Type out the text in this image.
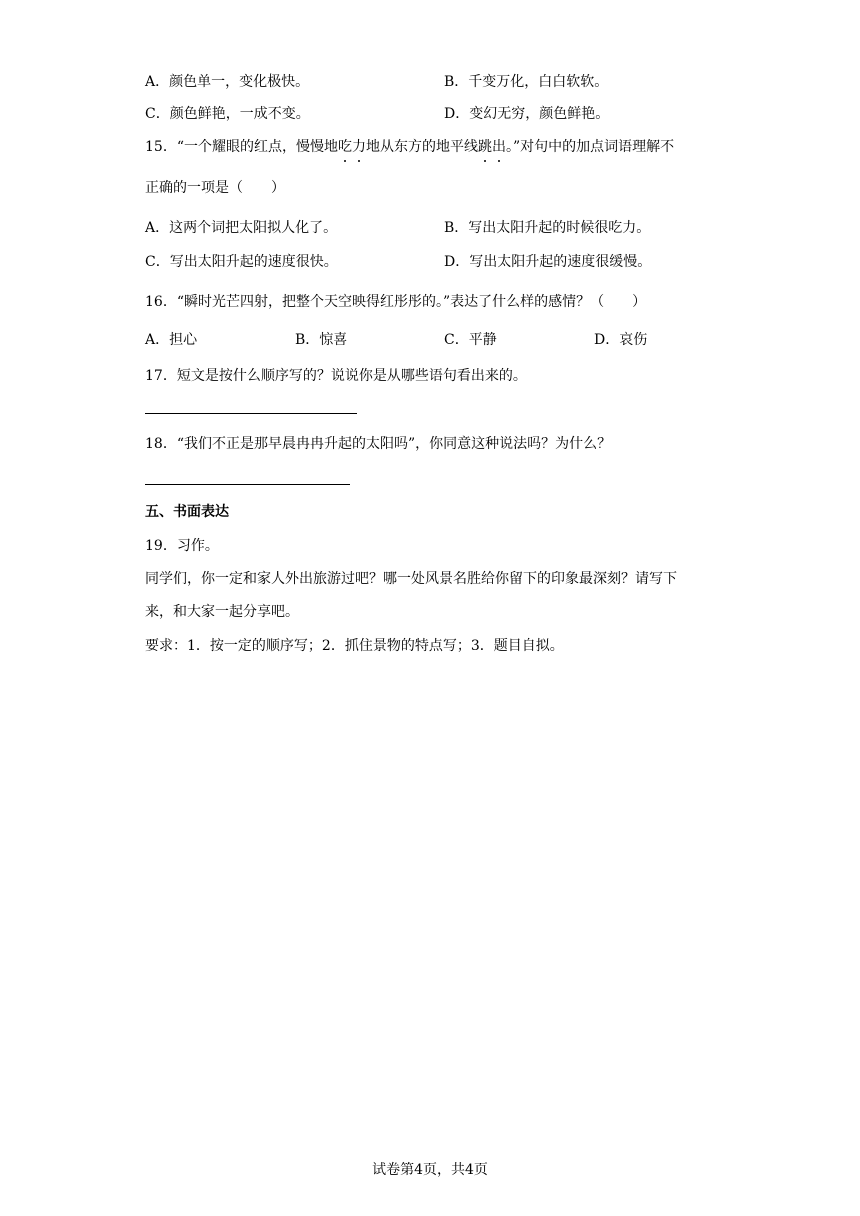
A．颜色单一，变化极快。	B．千变万化，白白软软。
C．颜色鲜艳，一成不变。	D．变幻无穷，颜色鲜艳。
15．“一个耀眼的红点，慢慢地吃力地从东方的地平线跳出。”对句中的加点词语理解不
正确的一项是（　　）
A．这两个词把太阳拟人化了。	B．写出太阳升起的时候很吃力。
C．写出太阳升起的速度很快。	D．写出太阳升起的速度很缓慢。
16．“瞬时光芒四射，把整个天空映得红彤彤的。”表达了什么样的感情？（　　）
A．担心	B．惊喜	C．平静	D．哀伤
17．短文是按什么顺序写的？说说你是从哪些语句看出来的。
18．“我们不正是那早晨冉冉升起的太阳吗”，你同意这种说法吗？为什么？
五、书面表达
19．习作。
同学们，你一定和家人外出旅游过吧？哪一处风景名胜给你留下的印象最深刻？请写下
来，和大家一起分享吧。
要求：1．按一定的顺序写；2．抓住景物的特点写；3．题目自拟。
试卷第4页，共4页
